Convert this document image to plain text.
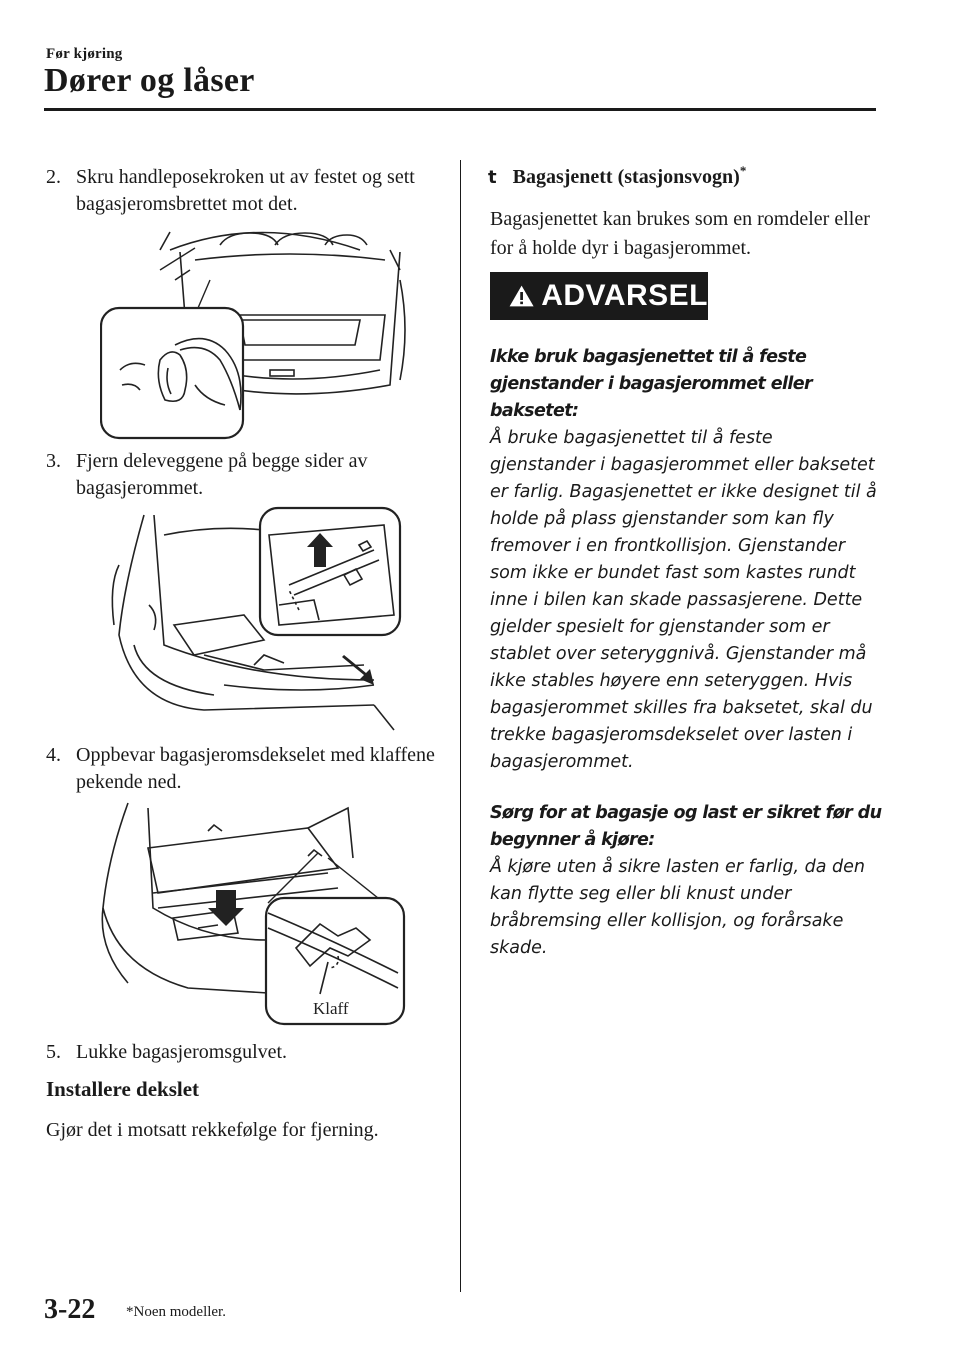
Før kjøring
Dører og låser
2. Skru handleposekroken ut av festet og sett bagasjeromsbrettet mot det.
3. Fjern deleveggene på begge sider av bagasjerommet.
4. Oppbevar bagasjeromsdekselet med klaffene pekende ned.
Klaff
5. Lukke bagasjeromsgulvet.
Installere dekslet
Gjør det i motsatt rekkefølge for fjerning.
t Bagasjenett (stasjonsvogn)*
Bagasjenettet kan brukes som en romdeler eller for å holde dyr i bagasjerommet.
ADVARSEL
Ikke bruk bagasjenettet til å feste gjenstander i bagasjerommet eller baksetet:
Å bruke bagasjenettet til å feste gjenstander i bagasjerommet eller baksetet er farlig. Bagasjenettet er ikke designet til å holde på plass gjenstander som kan fly fremover i en frontkollisjon. Gjenstander som ikke er bundet fast som kastes rundt inne i bilen kan skade passasjerene. Dette gjelder spesielt for gjenstander som er stablet over seteryggnivå. Gjenstander må ikke stables høyere enn seteryggen. Hvis bagasjerommet skilles fra baksetet, skal du trekke bagasjeromsdekselet over lasten i bagasjerommet.
Sørg for at bagasje og last er sikret før du begynner å kjøre:
Å kjøre uten å sikre lasten er farlig, da den kan flytte seg eller bli knust under bråbremsing eller kollisjon, og forårsake skade.
3-22 *Noen modeller.
